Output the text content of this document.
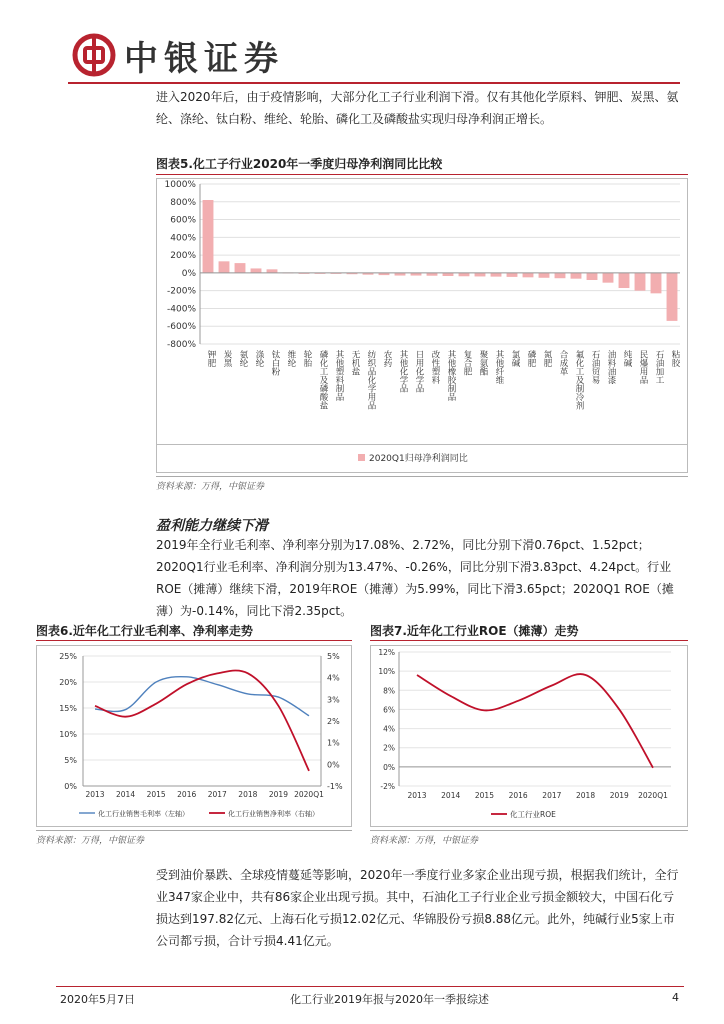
中银证券
进入2020年后，由于疫情影响，大部分化工子行业利润下滑。仅有其他化学原料、钾肥、炭黑、氨纶、涤纶、钛白粉、维纶、轮胎、磷化工及磷酸盐实现归母净利润正增长。
图表5.化工子行业2020年一季度归母净利润同比比较
1000%
800%
600%
400%
200%
0%
-200%
-400%
-600%
-800%
钾肥 炭黑 氨纶 涤纶 钛白粉 维纶 轮胎 磷化工及磷酸盐 其他塑料制品 无机盐 纺织品化学用品 农药 其他化学品 日用化学品 改性塑料 其他橡胶制品 复合肥 聚氨酯 其他纤维 氯碱 磷肥 氮肥 合成革 氟化工及制冷剂 石油贸易 油料油漆 纯碱 民爆用品 石油加工 粘胶
2020Q1归母净利润同比
资料来源：万得，中银证券
盈利能力继续下滑
2019年全行业毛利率、净利率分别为17.08%、2.72%，同比分别下滑0.76pct、1.52pct；2020Q1行业毛利率、净利润分别为13.47%、-0.26%，同比分别下滑3.83pct、4.24pct。行业ROE（摊薄）继续下滑，2019年ROE（摊薄）为5.99%，同比下滑3.65pct；2020Q1 ROE（摊薄）为-0.14%，同比下滑2.35pct。
图表6.近年化工行业毛利率、净利率走势
0%
5%
10%
15%
20%
25%
-1%
0%
1%
2%
3%
4%
5%
2013 2014 2015 2016 2017 2018 2019 2020Q1
化工行业销售毛利率（左轴）	化工行业销售净利率（右轴）
资料来源：万得，中银证券
图表7.近年化工行业ROE（摊薄）走势
12%
10%
8%
6%
4%
2%
0%
-2%
2013 2014 2015 2016 2017 2018 2019 2020Q1
化工行业ROE
资料来源：万得，中银证券
受到油价暴跌、全球疫情蔓延等影响，2020年一季度行业多家企业出现亏损，根据我们统计，全行业347家企业中，共有86家企业出现亏损。其中，石油化工子行业企业亏损金额较大，中国石化亏损达到197.82亿元、上海石化亏损12.02亿元、华锦股份亏损8.88亿元。此外，纯碱行业5家上市公司都亏损，合计亏损4.41亿元。
2020年5月7日	化工行业2019年报与2020年一季报综述	4
